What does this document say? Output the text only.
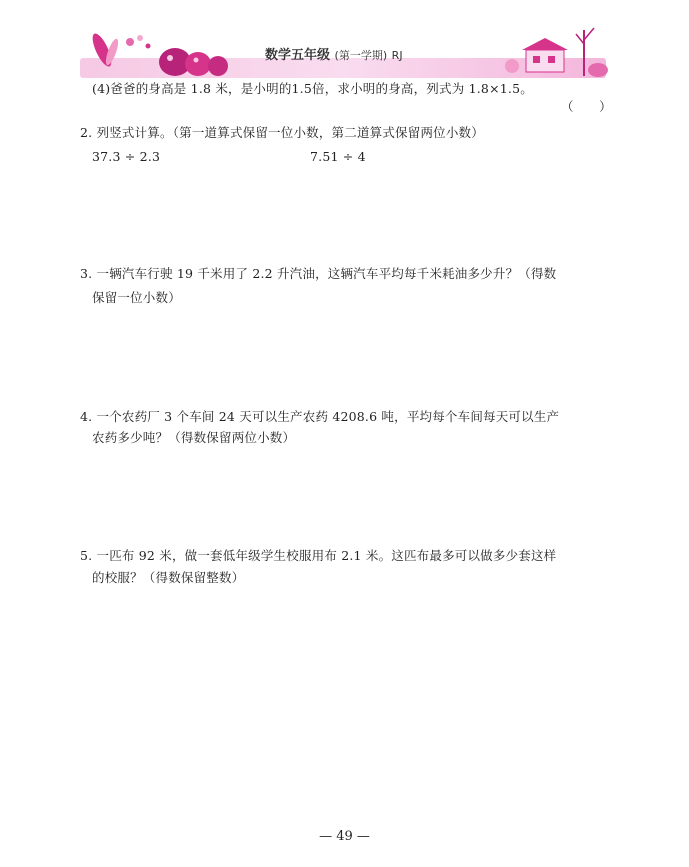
数学五年级 (第一学期) RJ
(4)爸爸的身高是 1.8 米，是小明的1.5倍，求小明的身高，列式为 1.8×1.5。
（　　）
2. 列竖式计算。（第一道算式保留一位小数，第二道算式保留两位小数）
37.3 ÷ 2.3	7.51 ÷ 4
3. 一辆汽车行驶 19 千米用了 2.2 升汽油，这辆汽车平均每千米耗油多少升？（得数
保留一位小数）
4. 一个农药厂 3 个车间 24 天可以生产农药 4208.6 吨，平均每个车间每天可以生产
农药多少吨？（得数保留两位小数）
5. 一匹布 92 米，做一套低年级学生校服用布 2.1 米。这匹布最多可以做多少套这样
的校服？（得数保留整数）
— 49 —
